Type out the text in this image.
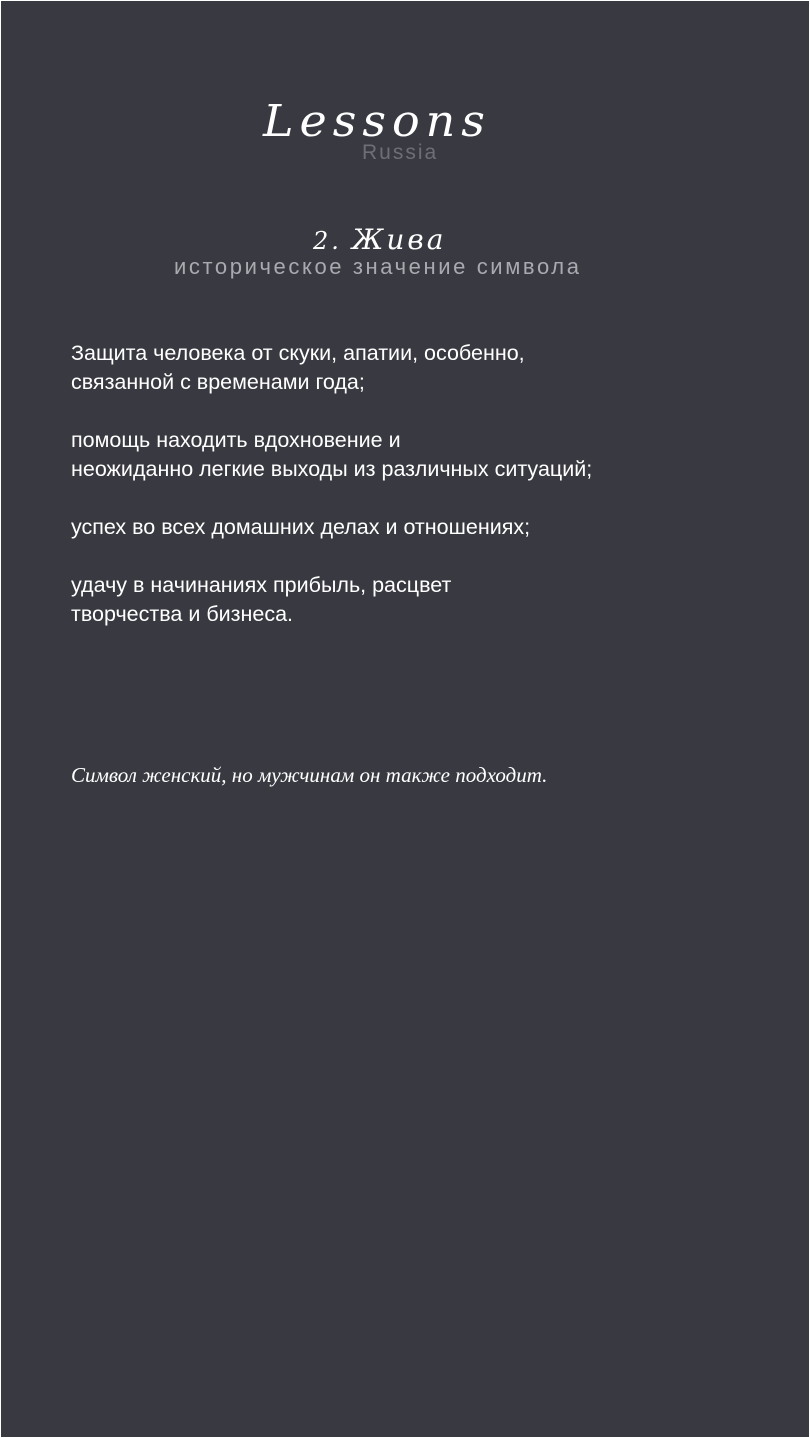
Lessons
Russia
2. Жива
историческое значение символа

Защита человека от скуки, апатии, особенно,
связанной с временами года;

помощь находить вдохновение и
неожиданно легкие выходы из различных ситуаций;

успех во всех домашних делах и отношениях;

удачу в начинаниях прибыль, расцвет
творчества и бизнеса.

Символ женский, но мужчинам он также подходит.
